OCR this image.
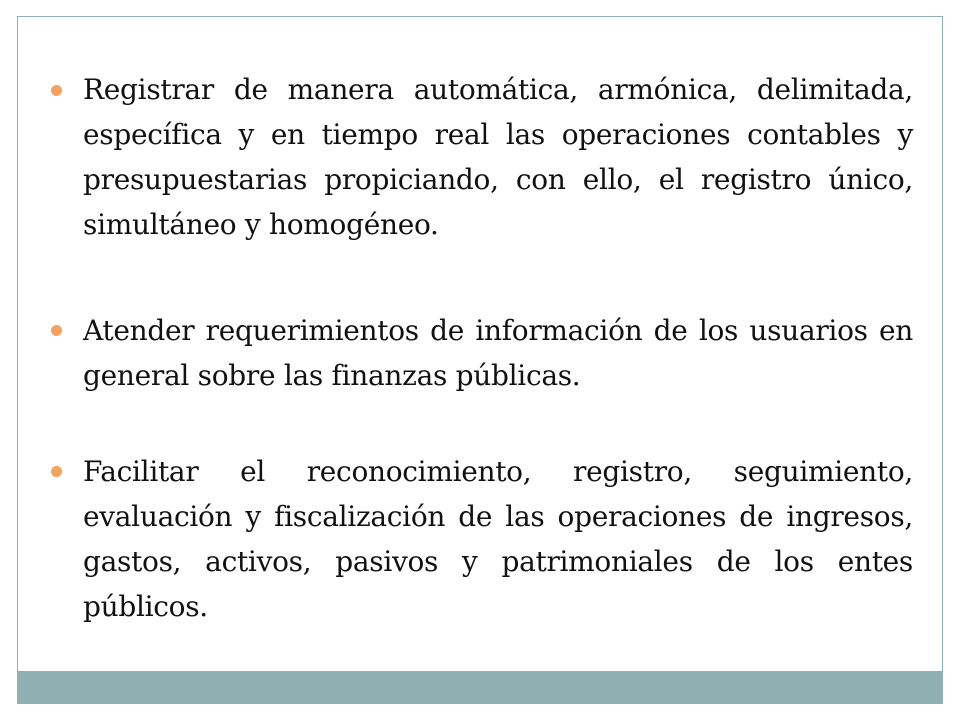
Registrar de manera automática, armónica, delimitada, específica y en tiempo real las operaciones contables y presupuestarias propiciando, con ello, el registro único, simultáneo y homogéneo.
Atender requerimientos de información de los usuarios en general sobre las finanzas públicas.
Facilitar el reconocimiento, registro, seguimiento, evaluación y fiscalización de las operaciones de ingresos, gastos, activos, pasivos y patrimoniales de los entes públicos.
